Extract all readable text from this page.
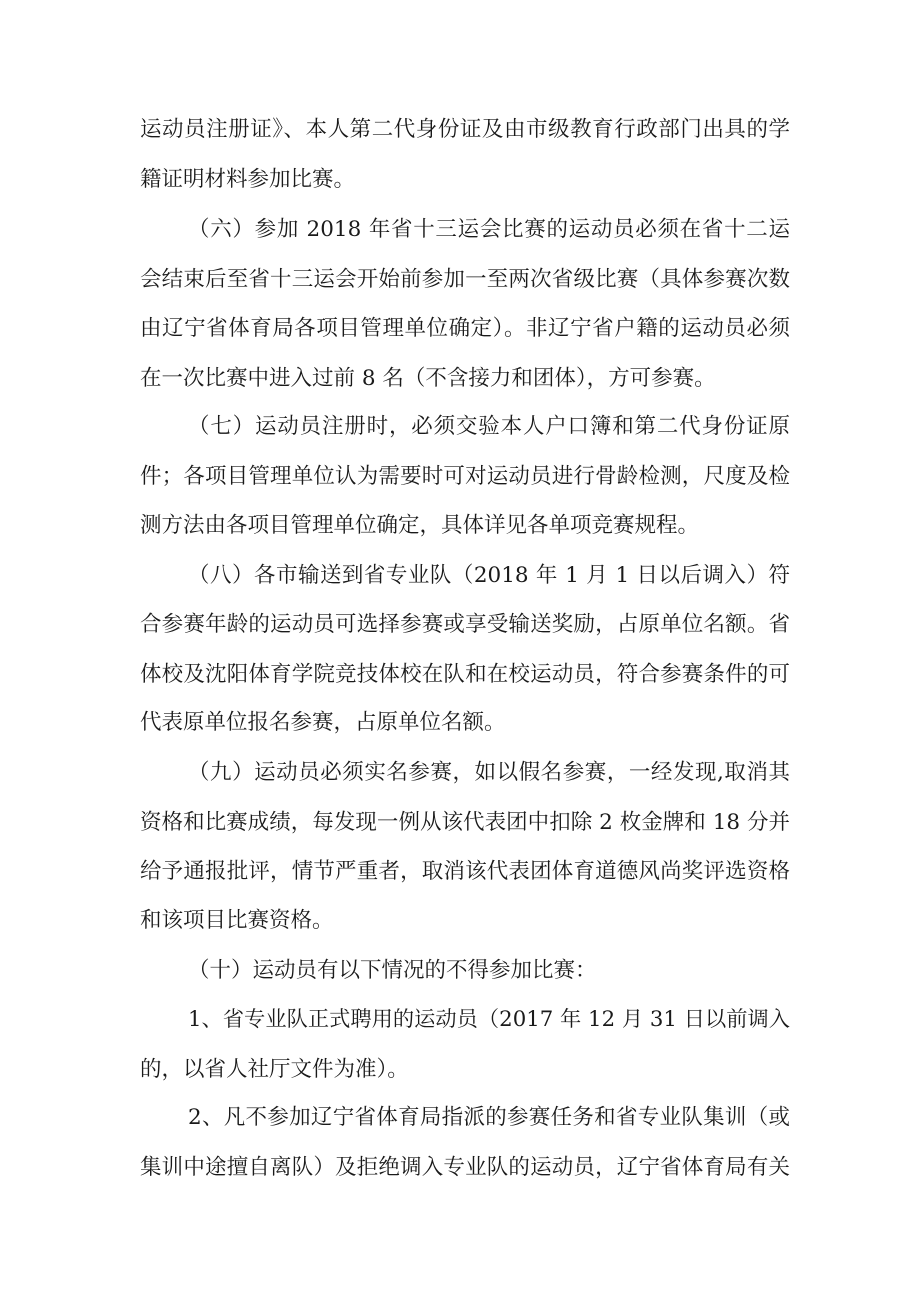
运动员注册证》、本人第二代身份证及由市级教育行政部门出具的学
籍证明材料参加比赛。
（六）参加 2018 年省十三运会比赛的运动员必须在省十二运
会结束后至省十三运会开始前参加一至两次省级比赛（具体参赛次数
由辽宁省体育局各项目管理单位确定）。非辽宁省户籍的运动员必须
在一次比赛中进入过前 8 名（不含接力和团体），方可参赛。
（七）运动员注册时，必须交验本人户口簿和第二代身份证原
件；各项目管理单位认为需要时可对运动员进行骨龄检测，尺度及检
测方法由各项目管理单位确定，具体详见各单项竞赛规程。
（八）各市输送到省专业队（2018 年 1 月 1 日以后调入）符
合参赛年龄的运动员可选择参赛或享受输送奖励，占原单位名额。省
体校及沈阳体育学院竞技体校在队和在校运动员，符合参赛条件的可
代表原单位报名参赛，占原单位名额。
（九）运动员必须实名参赛，如以假名参赛，一经发现,取消其
资格和比赛成绩，每发现一例从该代表团中扣除 2 枚金牌和 18 分并
给予通报批评，情节严重者，取消该代表团体育道德风尚奖评选资格
和该项目比赛资格。
（十）运动员有以下情况的不得参加比赛：
1、省专业队正式聘用的运动员（2017 年 12 月 31 日以前调入
的，以省人社厅文件为准）。
2、凡不参加辽宁省体育局指派的参赛任务和省专业队集训（或
集训中途擅自离队）及拒绝调入专业队的运动员，辽宁省体育局有关
